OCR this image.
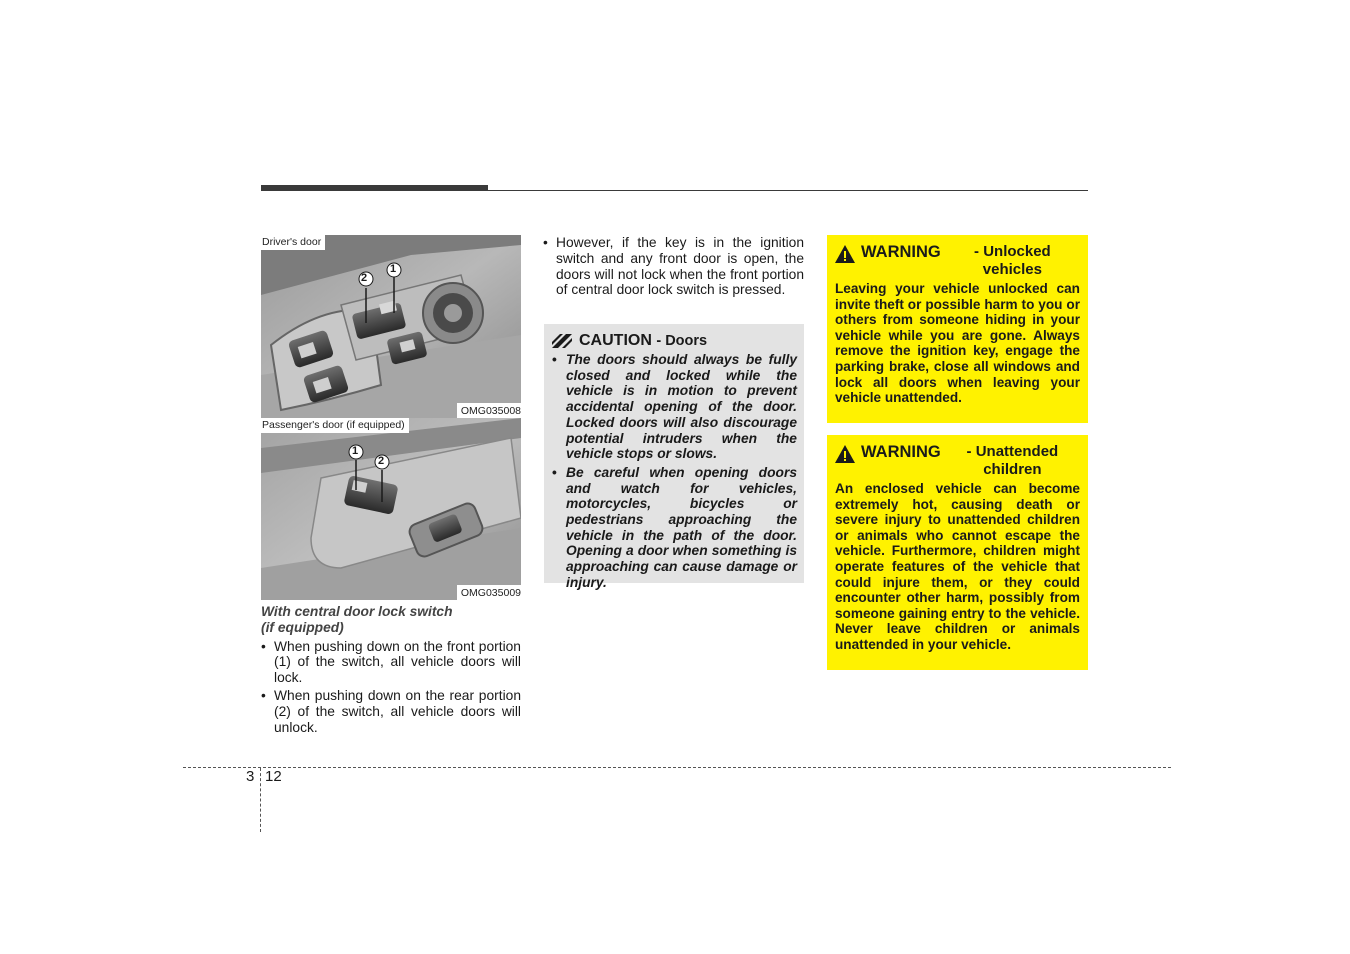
2
1
Driver's door
OMG035008
1
2
Passenger's door (if equipped)
OMG035009
With central door lock switch
(if equipped)
• When pushing down on the front portion (1) of the switch, all vehicle doors will lock.
• When pushing down on the rear portion (2) of the switch, all vehicle doors will unlock.
• However, if the key is in the ignition switch and any front door is open, the doors will not lock when the front portion of central door lock switch is pressed.
CAUTION
- Doors
• The doors should always be fully closed and locked while the vehicle is in motion to prevent accidental opening of the door. Locked doors will also discourage potential intruders when the vehicle stops or slows.
• Be careful when opening doors and watch for vehicles, motorcycles, bicycles or pedestrians approaching the vehicle in the path of the door. Opening a door when something is approaching can cause damage or injury.
WARNING	- Unlocked vehicles
Leaving your vehicle unlocked can invite theft or possible harm to you or others from someone hiding in your vehicle while you are gone. Always remove the ignition key, engage the parking brake, close all windows and lock all doors when leaving your vehicle unattended.
WARNING	- Unattended children
An enclosed vehicle can become extremely hot, causing death or severe injury to unattended children or animals who cannot escape the vehicle. Furthermore, children might operate features of the vehicle that could injure them, or they could encounter other harm, possibly from someone gaining entry to the vehicle. Never leave children or animals unattended in your vehicle.
3 12
